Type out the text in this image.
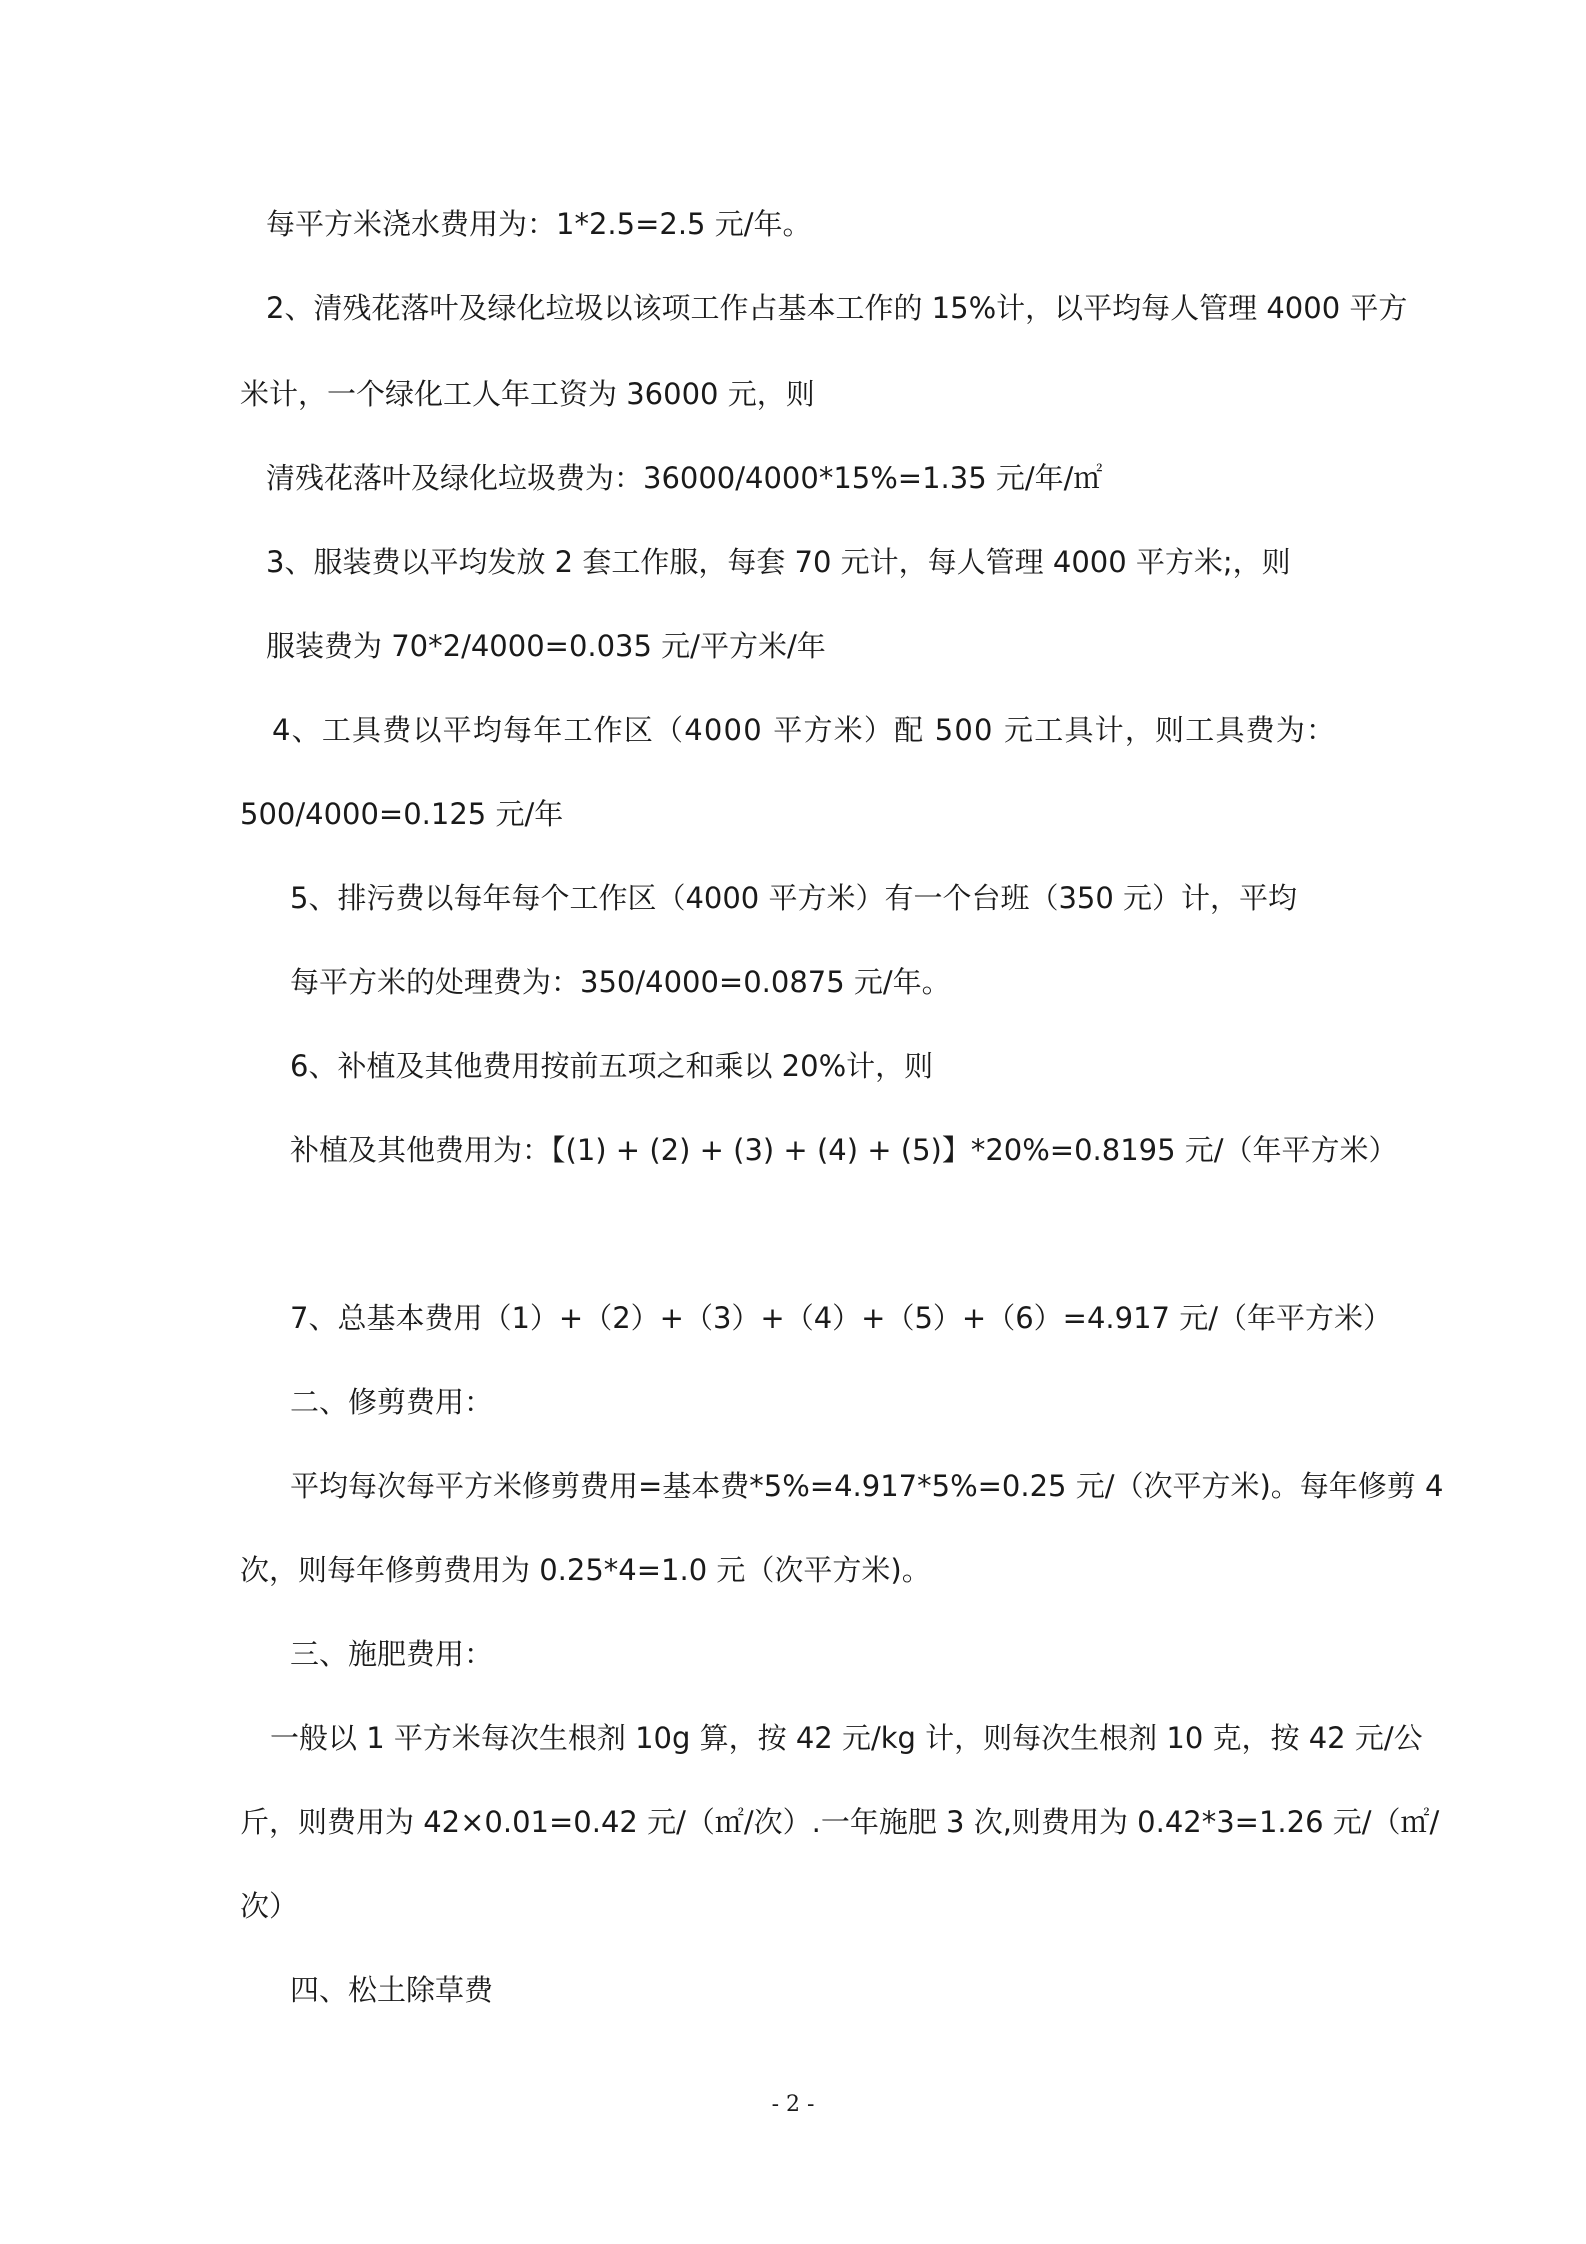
每平方米浇水费用为：1*2.5=2.5 元/年。
2、清残花落叶及绿化垃圾以该项工作占基本工作的 15%计，以平均每人管理 4000 平方
米计，一个绿化工人年工资为 36000 元，则
清残花落叶及绿化垃圾费为：36000/4000*15%=1.35 元/年/㎡
3、服装费以平均发放 2 套工作服，每套 70 元计，每人管理 4000 平方米;，则
服装费为 70*2/4000=0.035 元/平方米/年
4、工具费以平均每年工作区（4000 平方米）配 500 元工具计，则工具费为：
500/4000=0.125 元/年
5、排污费以每年每个工作区（4000 平方米）有一个台班（350 元）计，平均
每平方米的处理费为：350/4000=0.0875 元/年。
6、补植及其他费用按前五项之和乘以 20%计，则
补植及其他费用为：【(1) + (2) + (3) + (4) + (5)】*20%=0.8195 元/（年平方米）
7、总基本费用（1）+（2）+（3）+（4）+（5）+（6）=4.917 元/（年平方米）
二、修剪费用：
平均每次每平方米修剪费用=基本费*5%=4.917*5%=0.25 元/（次平方米)。每年修剪 4
次，则每年修剪费用为 0.25*4=1.0 元（次平方米)。
三、施肥费用：
一般以 1 平方米每次生根剂 10g 算，按 42 元/kg 计，则每次生根剂 10 克，按 42 元/公
斤，则费用为 42×0.01=0.42 元/（㎡/次）.一年施肥 3 次,则费用为 0.42*3=1.26 元/（㎡/
次）
四、松土除草费
- 2 -
